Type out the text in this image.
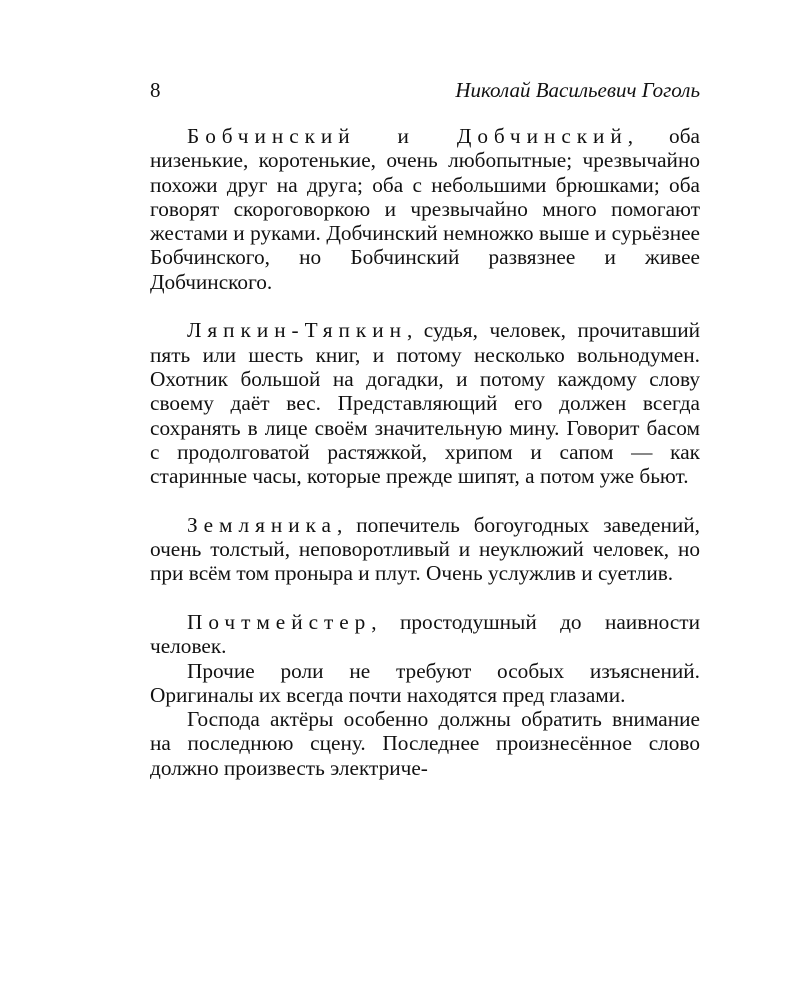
8	Николай Васильевич Гоголь

Бобчинский и Добчинский, оба низенькие, коротенькие, очень любопытные; чрезвычайно похожи друг на друга; оба с небольшими брюшками; оба говорят скороговоркою и чрезвычайно много помогают жестами и руками. Добчинский немножко выше и сурьёзнее Бобчинского, но Бобчинский развязнее и живее Добчинского.

Ляпкин-Тяпкин, судья, человек, прочитавший пять или шесть книг, и потому несколько вольнодумен. Охотник большой на догадки, и потому каждому слову своему даёт вес. Представляющий его должен всегда сохранять в лице своём значительную мину. Говорит басом с продолговатой растяжкой, хрипом и сапом — как старинные часы, которые прежде шипят, а потом уже бьют.

Земляника, попечитель богоугодных заведений, очень толстый, неповоротливый и неуклюжий человек, но при всём том проныра и плут. Очень услужлив и суетлив.

Почтмейстер, простодушный до наивности человек.

Прочие роли не требуют особых изъяснений. Оригиналы их всегда почти находятся пред глазами.

Господа актёры особенно должны обратить внимание на последнюю сцену. Последнее произнесённое слово должно произвесть электриче-
